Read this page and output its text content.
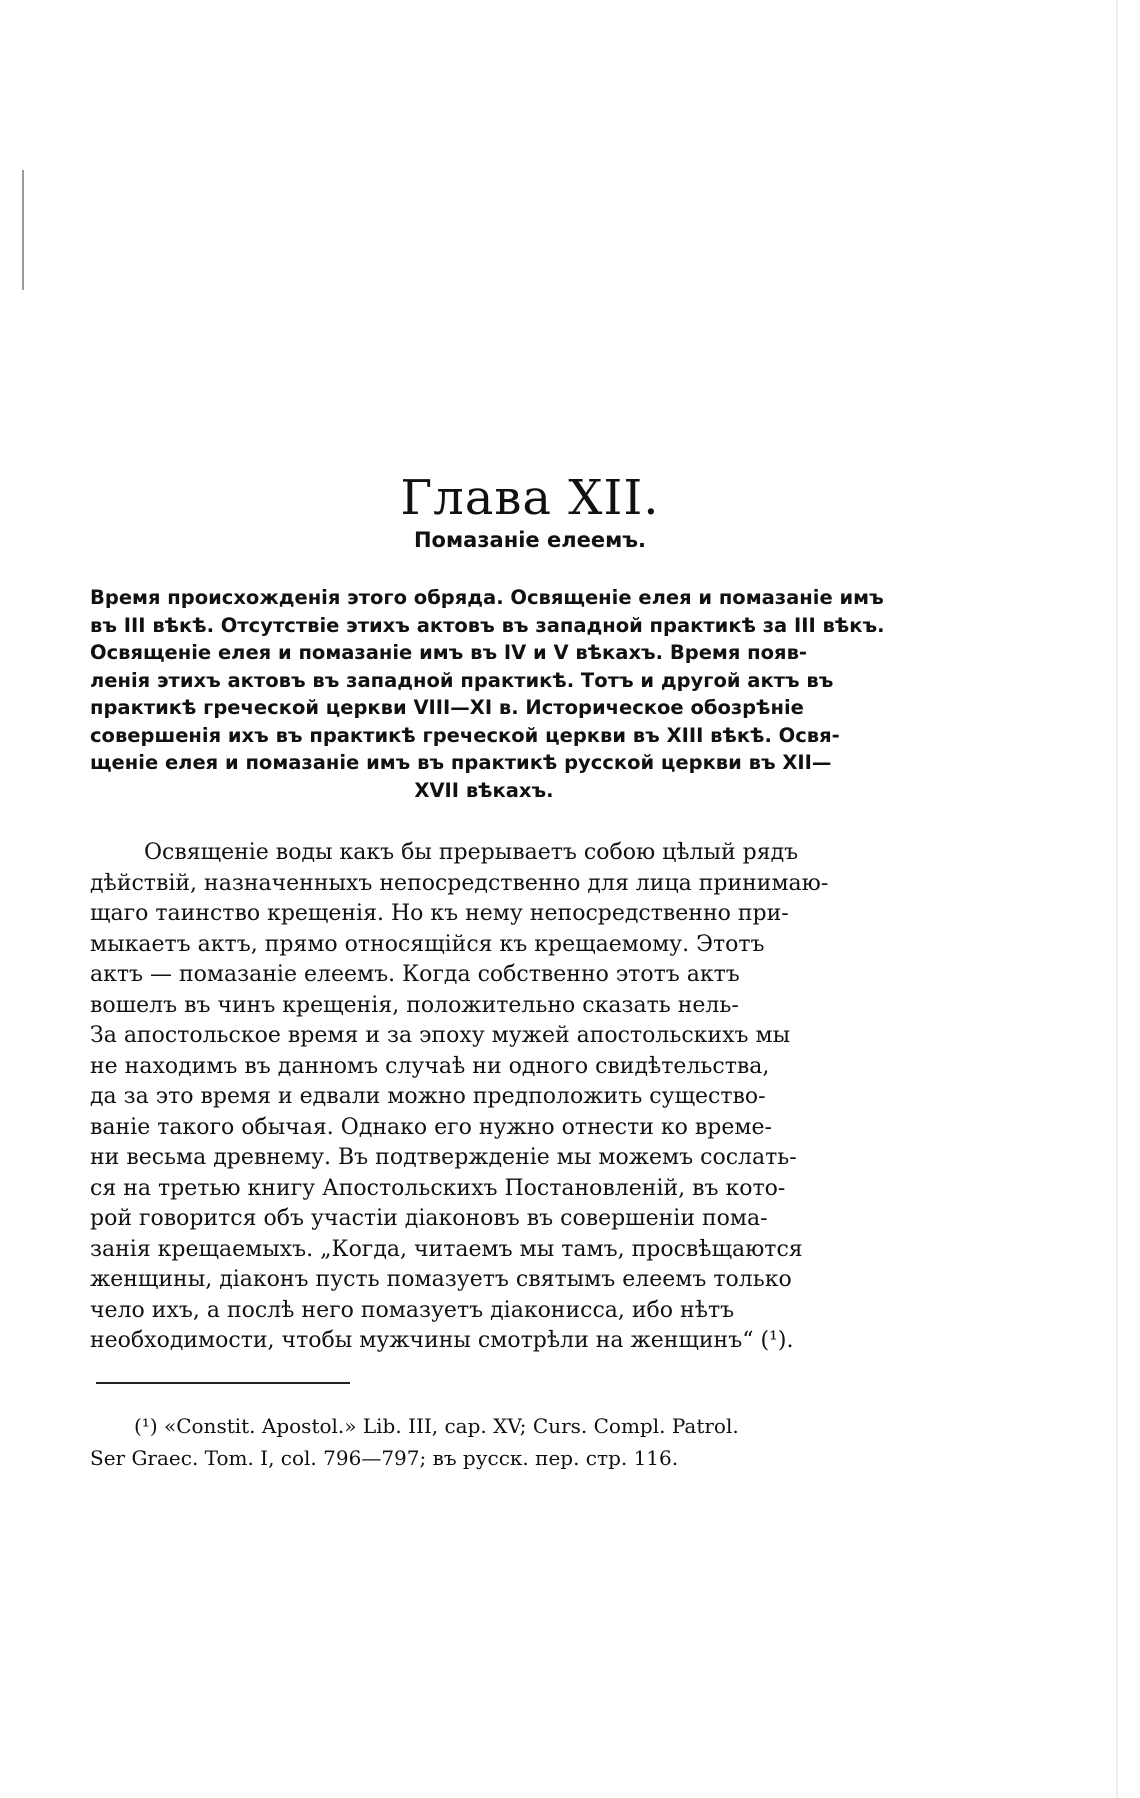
Глава XII.
Помазаніе елеемъ.
Время происхожденія этого обряда. Освященіе елея и помазаніе имъ
въ III вѣкѣ. Отсутствіе этихъ актовъ въ западной практикѣ за III вѣкъ.
Освященіе елея и помазаніе имъ въ IV и V вѣкахъ. Время появ-
ленія этихъ актовъ въ западной практикѣ. Тотъ и другой актъ въ
практикѣ греческой церкви VIII—XI в. Историческое обозрѣніе
совершенія ихъ въ практикѣ греческой церкви въ XIII вѣкѣ. Освя-
щеніе елея и помазаніе имъ въ практикѣ русской церкви въ XII—
XVII вѣкахъ.
Освященіе воды какъ бы прерываетъ собою цѣлый рядъ
дѣйствій, назначенныхъ непосредственно для лица принимаю-
щаго таинство крещенія. Но къ нему непосредственно при-
мыкаетъ актъ, прямо относящійся къ крещаемому. Этотъ
актъ — помазаніе елеемъ. Когда собственно этотъ актъ
вошелъ въ чинъ крещенія, положительно сказать нель-
За апостольское время и за эпоху мужей апостольскихъ мы
не находимъ въ данномъ случаѣ ни одного свидѣтельства,
да за это время и едвали можно предположить существо-
ваніе такого обычая. Однако его нужно отнести ко време-
ни весьма древнему. Въ подтвержденіе мы можемъ сослать-
ся на третью книгу Апостольскихъ Постановленій, въ кото-
рой говорится объ участіи діаконовъ въ совершеніи пома-
занія крещаемыхъ. „Когда, читаемъ мы тамъ, просвѣщаются
женщины, діаконъ пусть помазуетъ святымъ елеемъ только
чело ихъ, а послѣ него помазуетъ діаконисса, ибо нѣтъ
необходимости, чтобы мужчины смотрѣли на женщинъ“ (¹).
(¹) «Constit. Apostol.» Lib. III, cap. XV; Curs. Compl. Patrol.
Ser Graec. Tom. I, col. 796—797; въ русск. пер. стр. 116.
